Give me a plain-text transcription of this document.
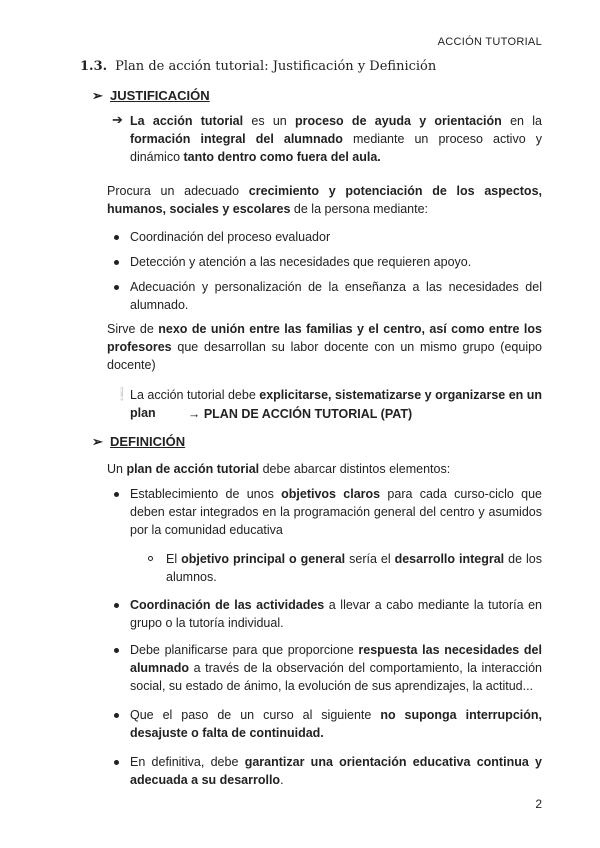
ACCIÓN TUTORIAL
1.3. Plan de acción tutorial: Justificación y Definición
➢ JUSTIFICACIÓN
➔ La acción tutorial es un proceso de ayuda y orientación en la formación integral del alumnado mediante un proceso activo y dinámico tanto dentro como fuera del aula.
Procura un adecuado crecimiento y potenciación de los aspectos, humanos, sociales y escolares de la persona mediante:
Coordinación del proceso evaluador
Detección y atención a las necesidades que requieren apoyo.
Adecuación y personalización de la enseñanza a las necesidades del alumnado.
Sirve de nexo de unión entre las familias y el centro, así como entre los profesores que desarrollan su labor docente con un mismo grupo (equipo docente)
❕ La acción tutorial debe explicitarse, sistematizarse y organizarse en un plan	→ PLAN DE ACCIÓN TUTORIAL (PAT)
➢ DEFINICIÓN
Un plan de acción tutorial debe abarcar distintos elementos:
Establecimiento de unos objetivos claros para cada curso-ciclo que deben estar integrados en la programación general del centro y asumidos por la comunidad educativa
El objetivo principal o general sería el desarrollo integral de los alumnos.
Coordinación de las actividades a llevar a cabo mediante la tutoría en grupo o la tutoría individual.
Debe planificarse para que proporcione respuesta las necesidades del alumnado a través de la observación del comportamiento, la interacción social, su estado de ánimo, la evolución de sus aprendizajes, la actitud...
Que el paso de un curso al siguiente no suponga interrupción, desajuste o falta de continuidad.
En definitiva, debe garantizar una orientación educativa continua y adecuada a su desarrollo.
2
